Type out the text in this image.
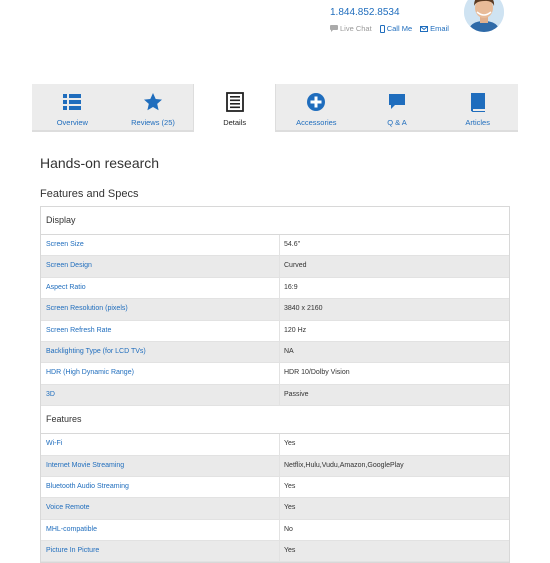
1.844.852.8534
Live Chat Call Me Email
Overview	Reviews (25)	Details	Accessories	Q & A	Articles
Hands-on research
Features and Specs
Display
Screen Size	54.6"
Screen Design	Curved
Aspect Ratio	16:9
Screen Resolution (pixels)	3840 x 2160
Screen Refresh Rate	120 Hz
Backlighting Type (for LCD TVs)	NA
HDR (High Dynamic Range)	HDR 10/Dolby Vision
3D	Passive
Features
Wi-Fi	Yes
Internet Movie Streaming	Netflix,Hulu,Vudu,Amazon,GooglePlay
Bluetooth Audio Streaming	Yes
Voice Remote	Yes
MHL-compatible	No
Picture In Picture	Yes
